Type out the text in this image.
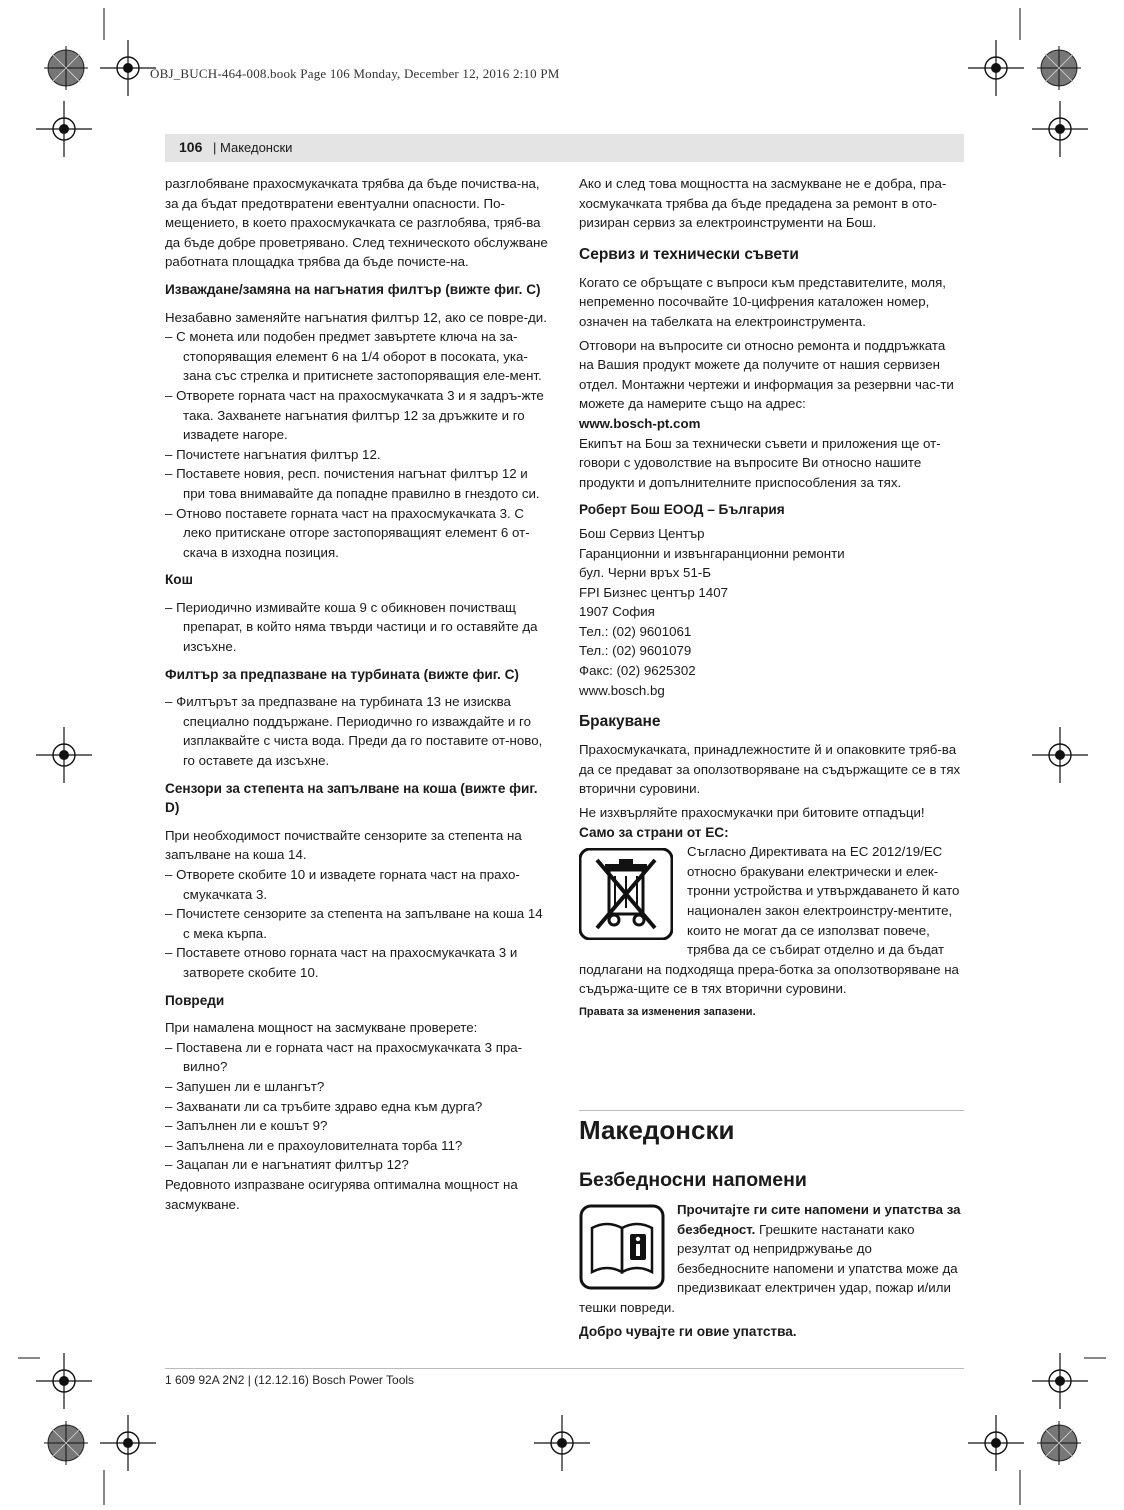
OBJ_BUCH-464-008.book Page 106 Monday, December 12, 2016 2:10 PM
106 | Македонски

разглобяване прахосмукачката трябва да бъде почиства-на, за да бъдат предотвратени евентуални опасности. По-мещението, в което прахосмукачката се разглобява, тряб-ва да бъде добре проветрявано. След техническото обслужване работната площадка трябва да бъде почисте-на.

Изваждане/замяна на нагънатия филтър (вижте фиг. C)

Незабавно заменяйте нагънатия филтър 12, ако се повре-ди.

– С монета или подобен предмет завъртете ключа на за-стопоряващия елемент 6 на 1/4 оборот в посоката, ука-зана със стрелка и притиснете застопоряващия еле-мент.

– Отворете горната част на прахосмукачката 3 и я задръ-жте така. Захванете нагънатия филтър 12 за дръжките и го извадете нагоре.

– Почистете нагънатия филтър 12.

– Поставете новия, респ. почистения нагънат филтър 12 и при това внимавайте да попадне правилно в гнездото си.

– Отново поставете горната част на прахосмукачката 3. С леко притискане отгоре застопоряващият елемент 6 от-скача в изходна позиция.

Кош

– Периодично измивайте коша 9 с обикновен почистващ препарат, в който няма твърди частици и го оставяйте да изсъхне.

Филтър за предпазване на турбината (вижте фиг. C)

– Филтърът за предпазване на турбината 13 не изисква специално поддържане. Периодично го изваждайте и го изплаквайте с чиста вода. Преди да го поставите от-ново, го оставете да изсъхне.

Сензори за степента на запълване на коша (вижте фиг. D)

При необходимост почиствайте сензорите за степента на запълване на коша 14.

– Отворете скобите 10 и извадете горната част на прахо-смукачката 3.

– Почистете сензорите за степента на запълване на коша 14 с мека кърпа.

– Поставете отново горната част на прахосмукачката 3 и затворете скобите 10.

Повреди

При намалена мощност на засмукване проверете:

– Поставена ли е горната част на прахосмукачката 3 пра-вилно?

– Запушен ли е шлангът?

– Захванати ли са тръбите здраво една към дурга?

– Запълнен ли е кошът 9?

– Запълнена ли е прахоуловителната торба 11?

– Зацапан ли е нагънатият филтър 12?

Редовното изпразване осигурява оптимална мощност на засмукване.

Ако и след това мощността на засмукване не е добра, пра-хосмукачката трябва да бъде предадена за ремонт в ото-ризиран сервиз за електроинструменти на Бош.

Сервиз и технически съвети

Когато се обръщате с въпроси към представителите, моля, непременно посочвайте 10-цифрения каталожен номер, означен на табелката на електроинструмента.

Отговори на въпросите си относно ремонта и поддръжката на Вашия продукт можете да получите от нашия сервизен отдел. Монтажни чертежи и информация за резервни час-ти можете да намерите също на адрес:

www.bosch-pt.com

Екипът на Бош за технически съвети и приложения ще от-говори с удоволствие на въпросите Ви относно нашите продукти и допълнителните приспособления за тях.

Роберт Бош ЕООД – България

Бош Сервиз Център

Гаранционни и извънгаранционни ремонти

бул. Черни връх 51-Б

FPI Бизнес център 1407

1907 София

Тел.: (02) 9601061

Тел.: (02) 9601079

Факс: (02) 9625302

www.bosch.bg

Бракуване

Прахосмукачката, принадлежностите й и опаковките тряб-ва да се предават за оползотворяване на съдържащите се в тях вторични суровини.

Не изхвърляйте прахосмукачки при битовите отпадъци!

Само за страни от ЕС:

Съгласно Директивата на ЕС 2012/19/ЕС относно бракувани електрически и елек-тронни устройства и утвърждаването й като национален закон електроинстру-ментите, които не могат да се използват повече, трябва да се събират отделно и да бъдат подлагани на подходяща прера-ботка за оползотворяване на съдържа-щите се в тях вторични суровини.

Правата за изменения запазени.

Македонски

Безбедносни напомени

Прочитајте ги сите напомени и упатства за безбедност. Грешките настанати како резултат од непридржување до безбедносните напомени и упатства може да предизвикаат електричен удар, пожар и/или тешки повреди.

Добро чувајте ги овие упатства.
1 609 92A 2N2 | (12.12.16) Bosch Power Tools
